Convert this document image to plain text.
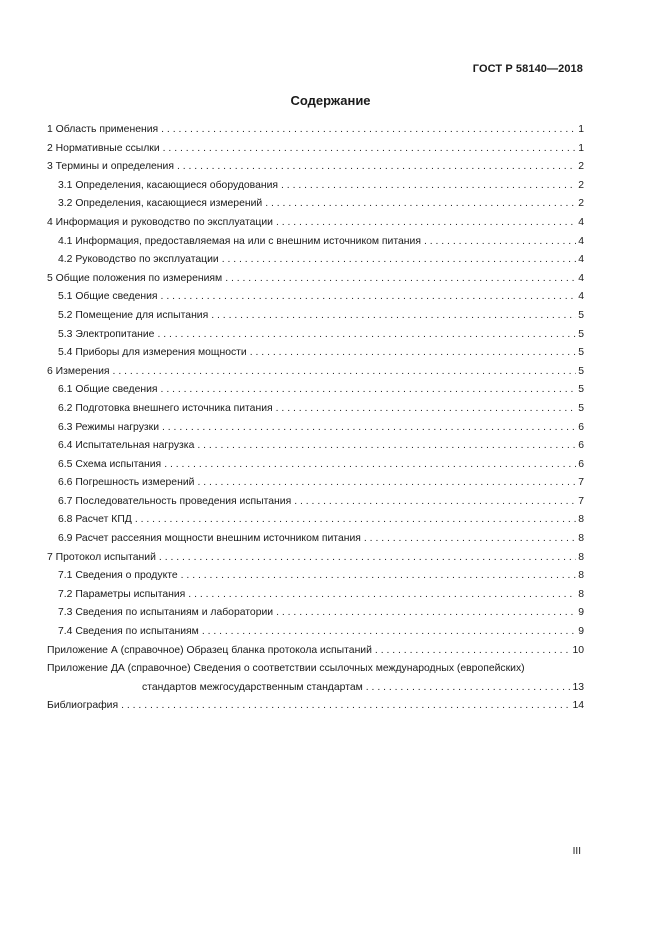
ГОСТ Р 58140—2018
Содержание
1 Область применения . . .	1
2 Нормативные ссылки . . .	1
3 Термины и определения . . .	2
3.1 Определения, касающиеся оборудования . . .	2
3.2 Определения, касающиеся измерений . . .	2
4 Информация и руководство по эксплуатации . . .	4
4.1 Информация, предоставляемая на или с внешним источником питания . . .	4
4.2 Руководство по эксплуатации . . .	4
5 Общие положения по измерениям . . .	4
5.1 Общие сведения . . .	4
5.2 Помещение для испытания . . .	5
5.3 Электропитание . . .	5
5.4 Приборы для измерения мощности . . .	5
6 Измерения . . .	5
6.1 Общие сведения . . .	5
6.2 Подготовка внешнего источника питания . . .	5
6.3 Режимы нагрузки . . .	6
6.4 Испытательная нагрузка . . .	6
6.5 Схема испытания . . .	6
6.6 Погрешность измерений . . .	7
6.7 Последовательность проведения испытания . . .	7
6.8 Расчет КПД . . .	8
6.9 Расчет рассеяния мощности внешним источником питания . . .	8
7 Протокол испытаний . . .	8
7.1 Сведения о продукте . . .	8
7.2 Параметры испытания . . .	8
7.3 Сведения по испытаниям и лаборатории . . .	9
7.4 Сведения по испытаниям . . .	9
Приложение А (справочное) Образец бланка протокола испытаний . . .	10
Приложение ДА (справочное) Сведения о соответствии ссылочных международных (европейских)
стандартов межгосударственным стандартам . . .	13
Библиография . . .	14
III
